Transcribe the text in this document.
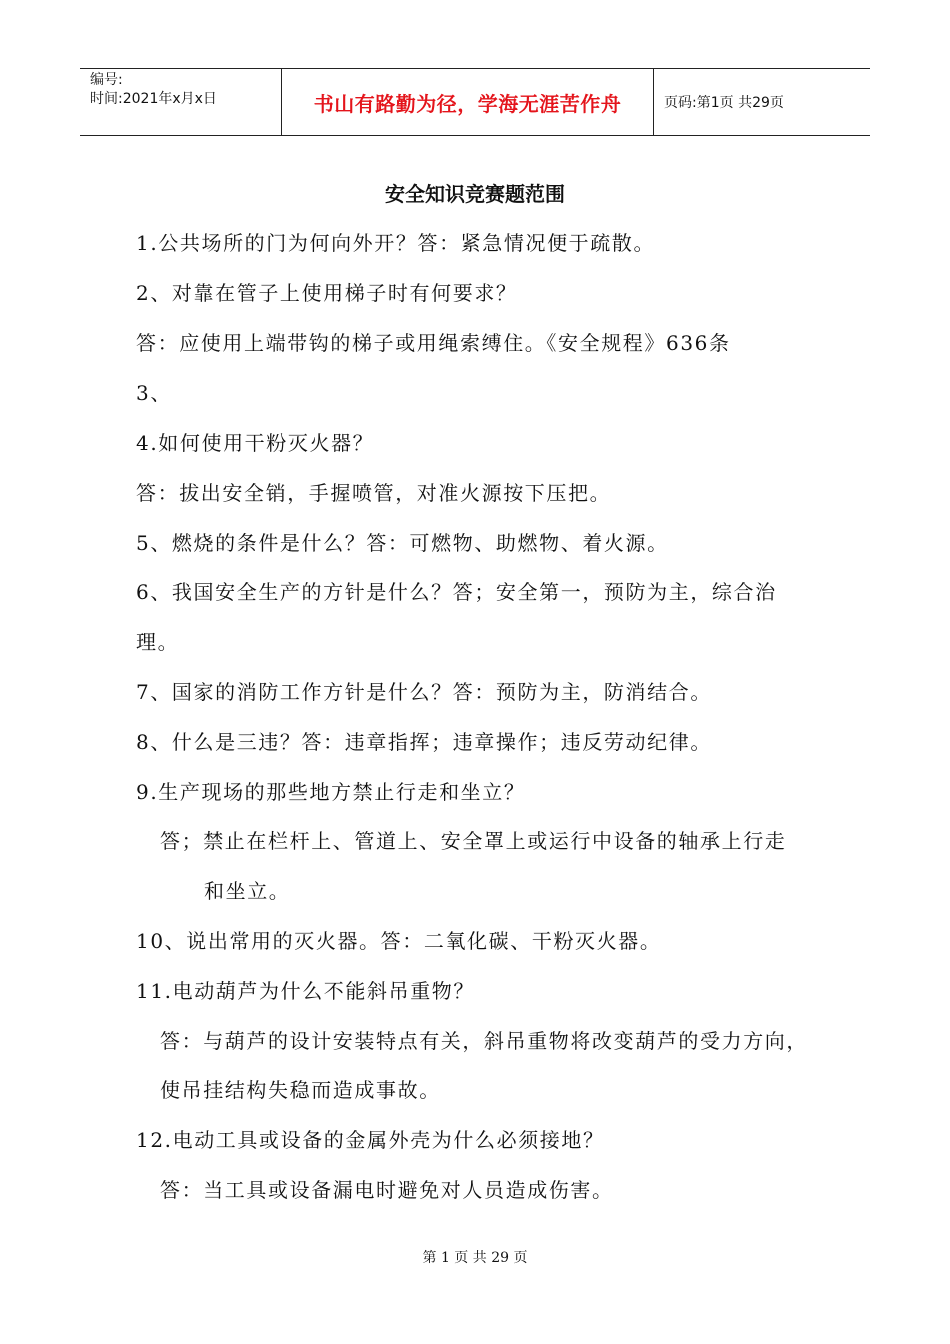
编号:
时间:2021年x月x日	书山有路勤为径，学海无涯苦作舟	页码:第1页 共29页
安全知识竞赛题范围
1.公共场所的门为何向外开？答：紧急情况便于疏散。
2、对靠在管子上使用梯子时有何要求？
答：应使用上端带钩的梯子或用绳索缚住。《安全规程》636条
3、
4.如何使用干粉灭火器？
答：拔出安全销，手握喷管，对准火源按下压把。
5、燃烧的条件是什么？答：可燃物、助燃物、着火源。
6、我国安全生产的方针是什么？答；安全第一，预防为主，综合治
理。
7、国家的消防工作方针是什么？答：预防为主，防消结合。
8、什么是三违？答：违章指挥；违章操作；违反劳动纪律。
9.生产现场的那些地方禁止行走和坐立？
答；禁止在栏杆上、管道上、安全罩上或运行中设备的轴承上行走
和坐立。
10、说出常用的灭火器。答：二氧化碳、干粉灭火器。
11.电动葫芦为什么不能斜吊重物？
答：与葫芦的设计安装特点有关，斜吊重物将改变葫芦的受力方向，
使吊挂结构失稳而造成事故。
12.电动工具或设备的金属外壳为什么必须接地？
答：当工具或设备漏电时避免对人员造成伤害。
第 1 页 共 29 页
